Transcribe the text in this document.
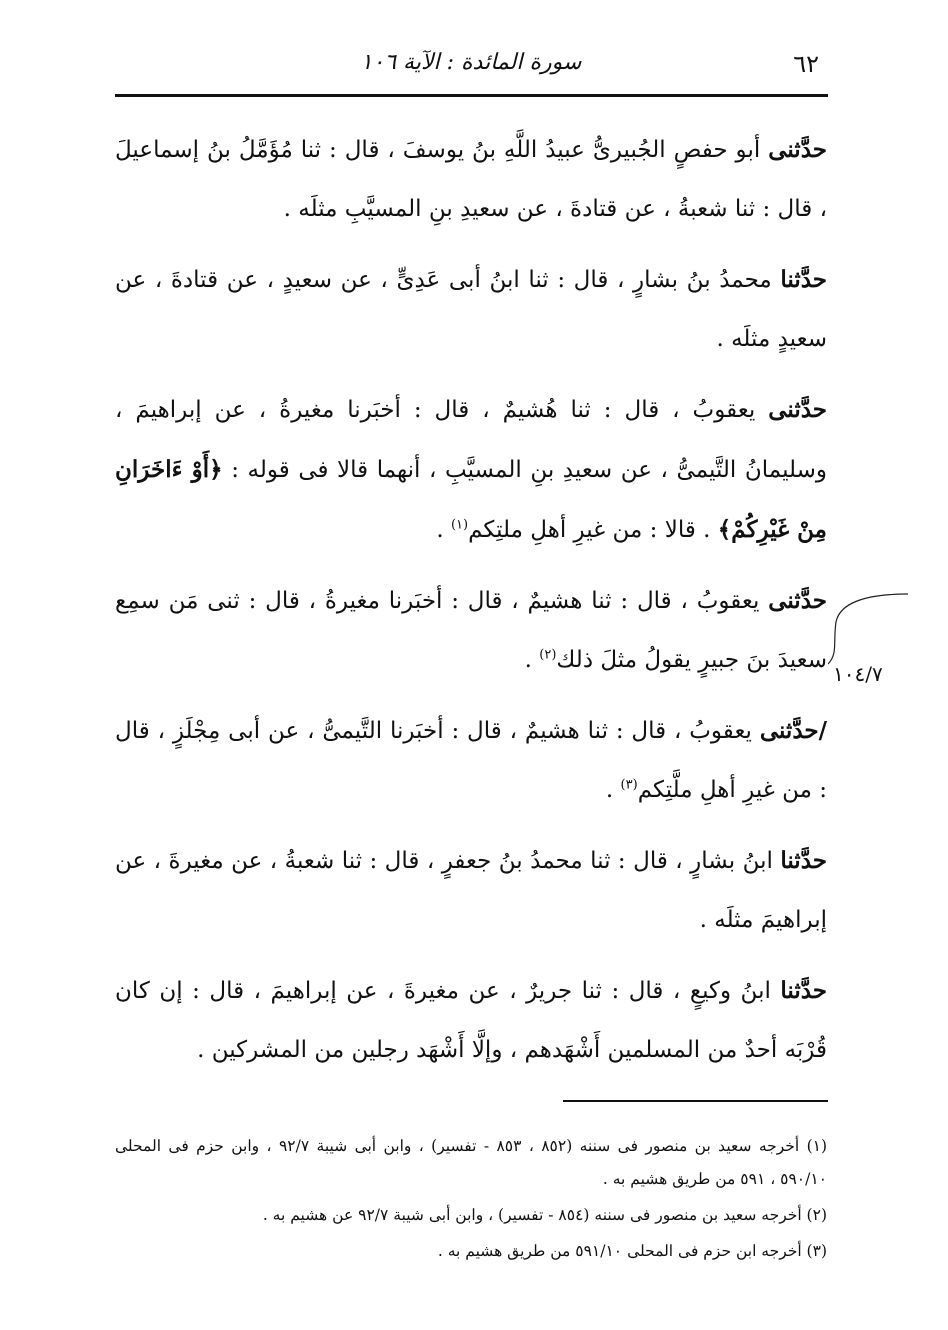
٦٢
سورة المائدة : الآية ١٠٦
١٠٤/٧

حدَّثنى أبو حفصٍ الجُبيرىُّ عبيدُ اللَّهِ بنُ يوسفَ ، قال : ثنا مُؤَمَّلُ بنُ إسماعيلَ ، قال : ثنا شعبةُ ، عن قتادةَ ، عن سعيدِ بنِ المسيَّبِ مثلَه .

حدَّثنا محمدُ بنُ بشارٍ ، قال : ثنا ابنُ أبى عَدِىٍّ ، عن سعيدٍ ، عن قتادةَ ، عن سعيدٍ مثلَه .

حدَّثنى يعقوبُ ، قال : ثنا هُشيمٌ ، قال : أخبَرنا مغيرةُ ، عن إبراهيمَ ، وسليمانُ التَّيمىُّ ، عن سعيدِ بنِ المسيَّبِ ، أنهما قالا فى قوله : ﴿أَوْ ءَاخَرَانِ مِنْ غَيْرِكُمْ﴾ . قالا : من غيرِ أهلِ ملتِكم$^{(١)}$ .

حدَّثنى يعقوبُ ، قال : ثنا هشيمٌ ، قال : أخبَرنا مغيرةُ ، قال : ثنى مَن سمِع سعيدَ بنَ جبيرٍ يقولُ مثلَ ذلك$^{(٢)}$ .

/حدَّثنى يعقوبُ ، قال : ثنا هشيمٌ ، قال : أخبَرنا التَّيمىُّ ، عن أبى مِجْلَزٍ ، قال : من غيرِ أهلِ ملَّتِكم$^{(٣)}$ .

حدَّثنا ابنُ بشارٍ ، قال : ثنا محمدُ بنُ جعفرٍ ، قال : ثنا شعبةُ ، عن مغيرةَ ، عن إبراهيمَ مثلَه .

حدَّثنا ابنُ وكيعٍ ، قال : ثنا جريرٌ ، عن مغيرةَ ، عن إبراهيمَ ، قال : إن كان قُرْبَه أحدٌ من المسلمين أَشْهَدهم ، وإلَّا أَشْهَد رجلين من المشركين .

(١) أخرجه سعيد بن منصور فى سننه (٨٥٢ ، ٨٥٣ - تفسير) ، وابن أبى شيبة ٩٢/٧ ، وابن حزم فى المحلى ٥٩٠/١٠ ، ٥٩١ من طريق هشيم به .

(٢) أخرجه سعيد بن منصور فى سننه (٨٥٤ - تفسير) ، وابن أبى شيبة ٩٢/٧ عن هشيم به .

(٣) أخرجه ابن حزم فى المحلى ٥٩١/١٠ من طريق هشيم به .
